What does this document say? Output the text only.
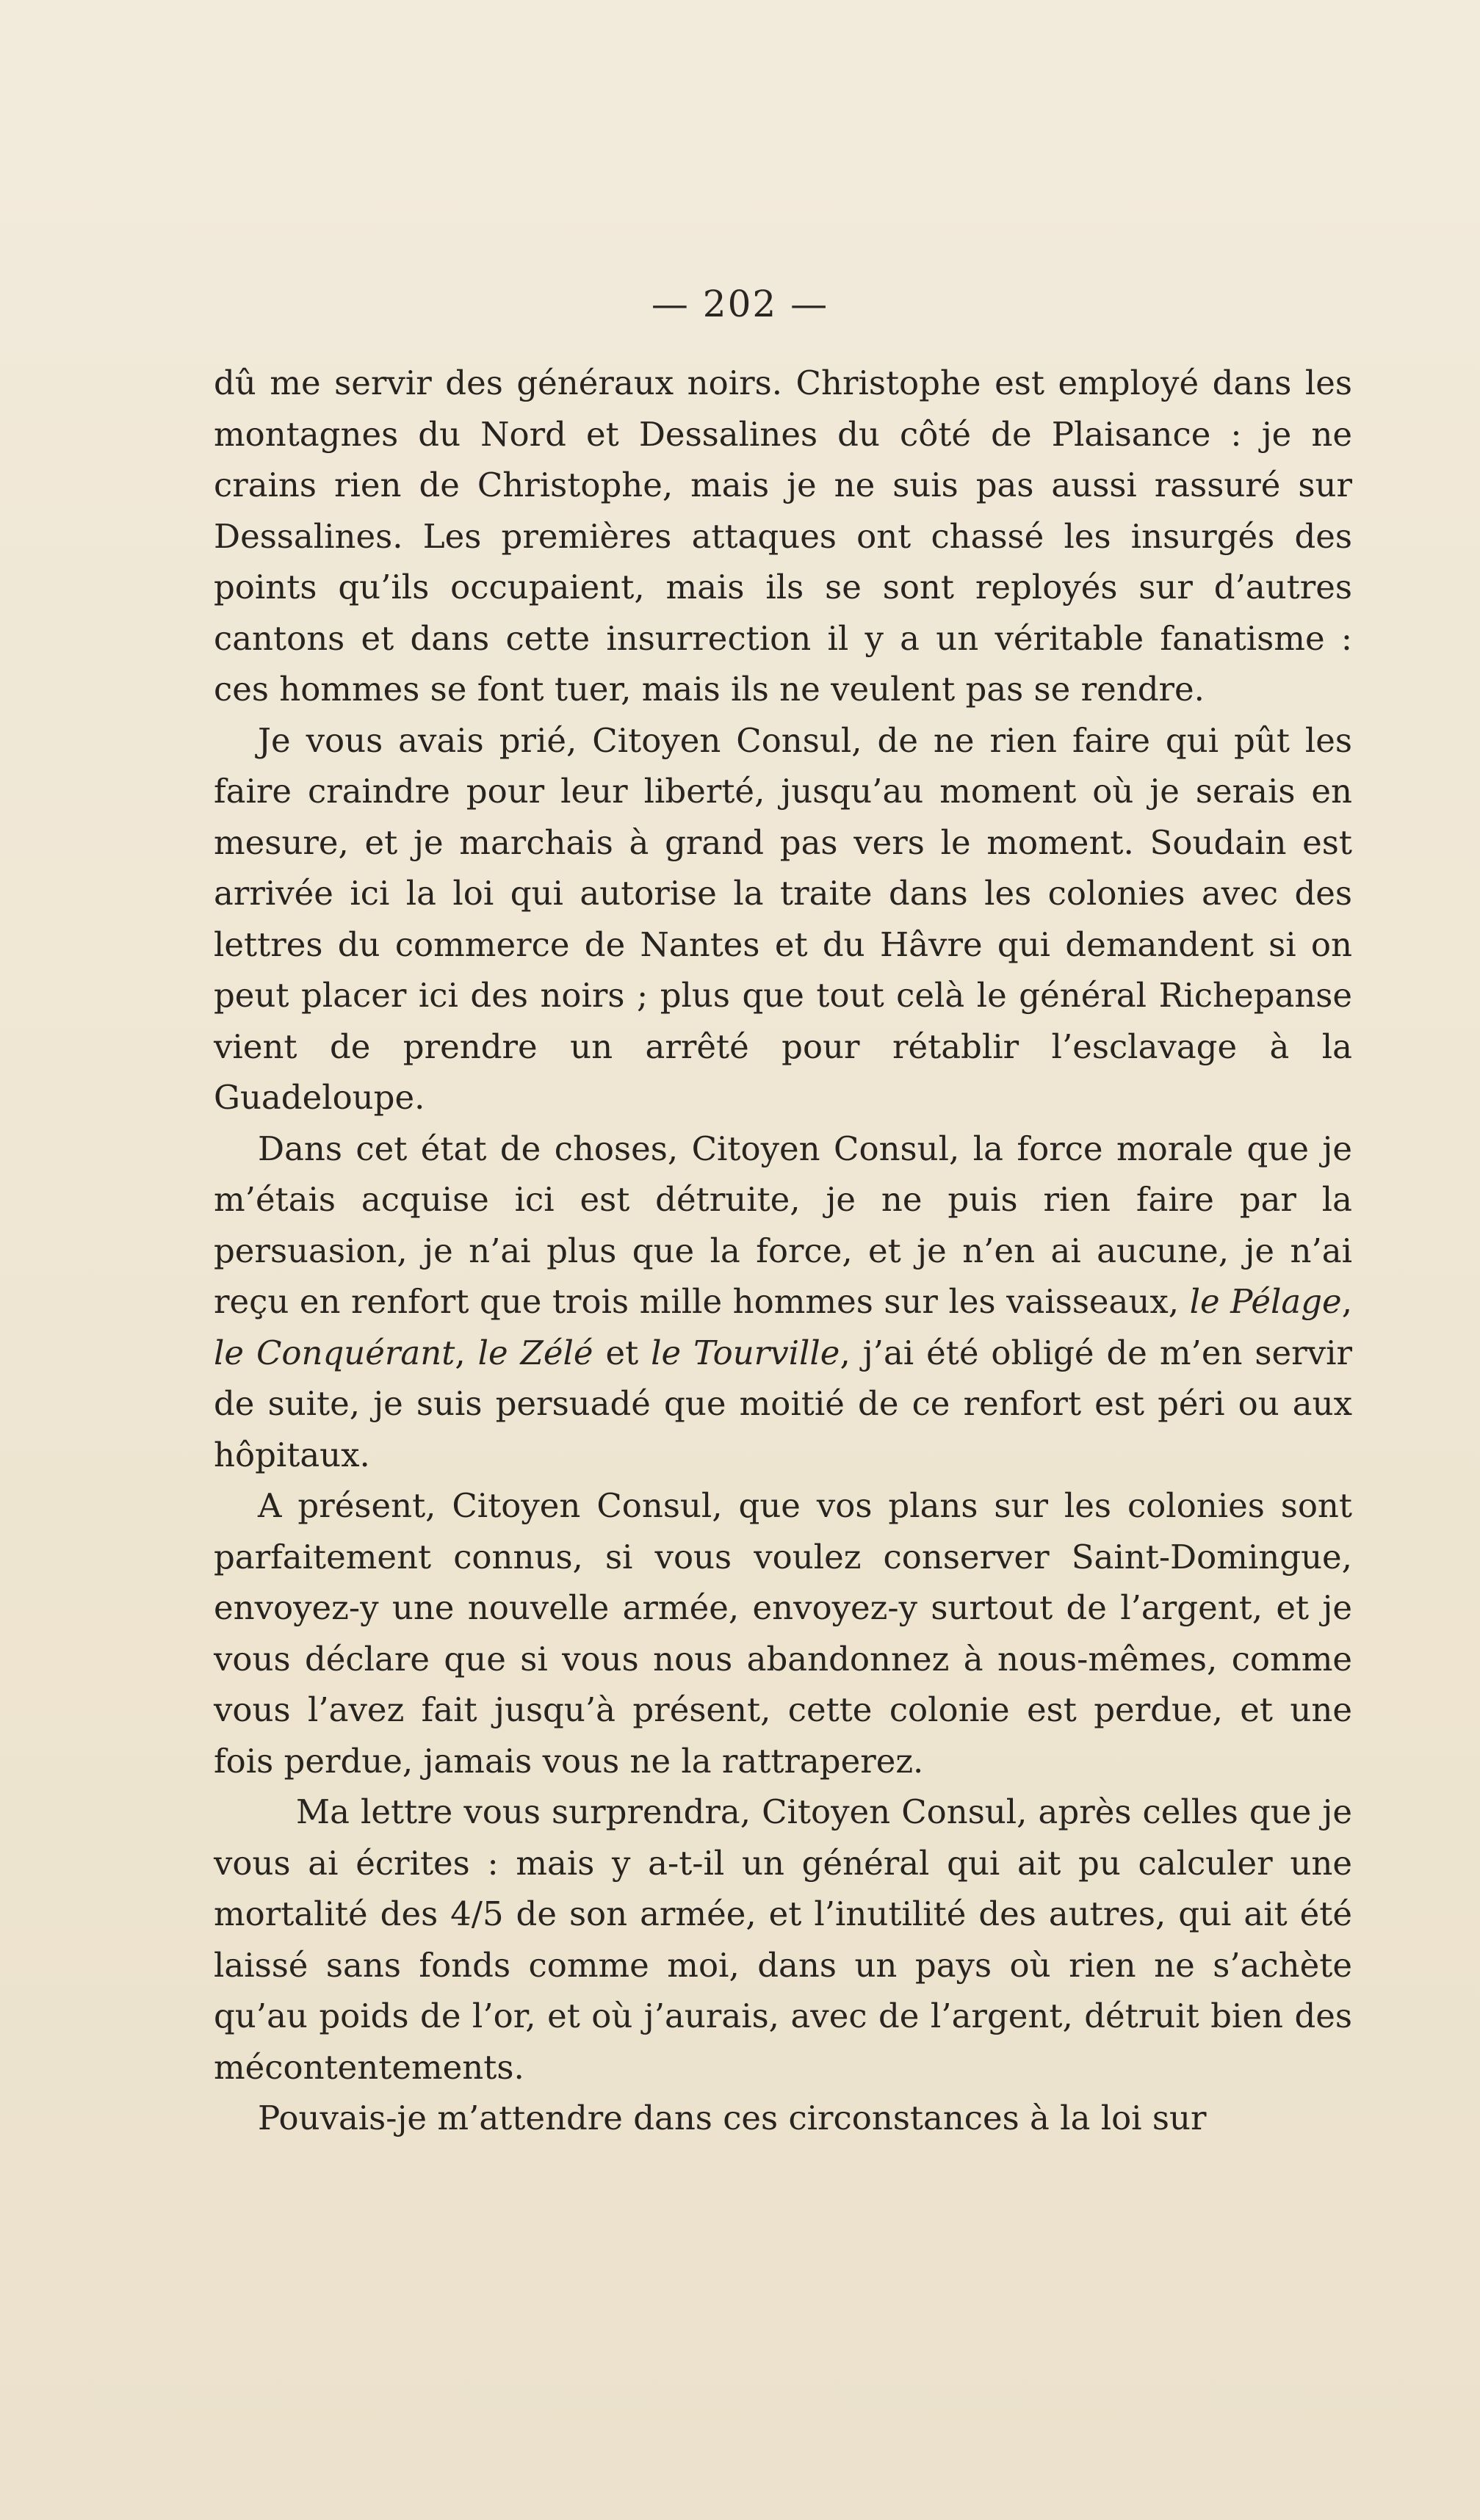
— 202 —

dû me servir des généraux noirs. Christophe est employé dans les montagnes du Nord et Dessalines du côté de Plaisance : je ne crains rien de Christophe, mais je ne suis pas aussi rassuré sur Dessalines. Les premières attaques ont chassé les insurgés des points qu’ils occupaient, mais ils se sont reployés sur d’autres cantons et dans cette insurrection il y a un véritable fanatisme : ces hommes se font tuer, mais ils ne veulent pas se rendre.

Je vous avais prié, Citoyen Consul, de ne rien faire qui pût les faire craindre pour leur liberté, jusqu’au moment où je serais en mesure, et je marchais à grand pas vers le moment. Soudain est arrivée ici la loi qui autorise la traite dans les colonies avec des lettres du commerce de Nantes et du Hâvre qui demandent si on peut placer ici des noirs ; plus que tout celà le général Richepanse vient de prendre un arrêté pour rétablir l’esclavage à la Guadeloupe.

Dans cet état de choses, Citoyen Consul, la force morale que je m’étais acquise ici est détruite, je ne puis rien faire par la persuasion, je n’ai plus que la force, et je n’en ai aucune, je n’ai reçu en renfort que trois mille hommes sur les vaisseaux, le Pélage, le Conquérant, le Zélé et le Tourville, j’ai été obligé de m’en servir de suite, je suis persuadé que moitié de ce renfort est péri ou aux hôpitaux.

A présent, Citoyen Consul, que vos plans sur les colonies sont parfaitement connus, si vous voulez conserver Saint-Domingue, envoyez-y une nouvelle armée, envoyez-y surtout de l’argent, et je vous déclare que si vous nous abandonnez à nous-mêmes, comme vous l’avez fait jusqu’à présent, cette colonie est perdue, et une fois perdue, jamais vous ne la rattraperez.

Ma lettre vous surprendra, Citoyen Consul, après celles que je vous ai écrites : mais y a-t-il un général qui ait pu calculer une mortalité des 4/5 de son armée, et l’inutilité des autres, qui ait été laissé sans fonds comme moi, dans un pays où rien ne s’achète qu’au poids de l’or, et où j’aurais, avec de l’argent, détruit bien des mécontentements.

Pouvais-je m’attendre dans ces circonstances à la loi sur
